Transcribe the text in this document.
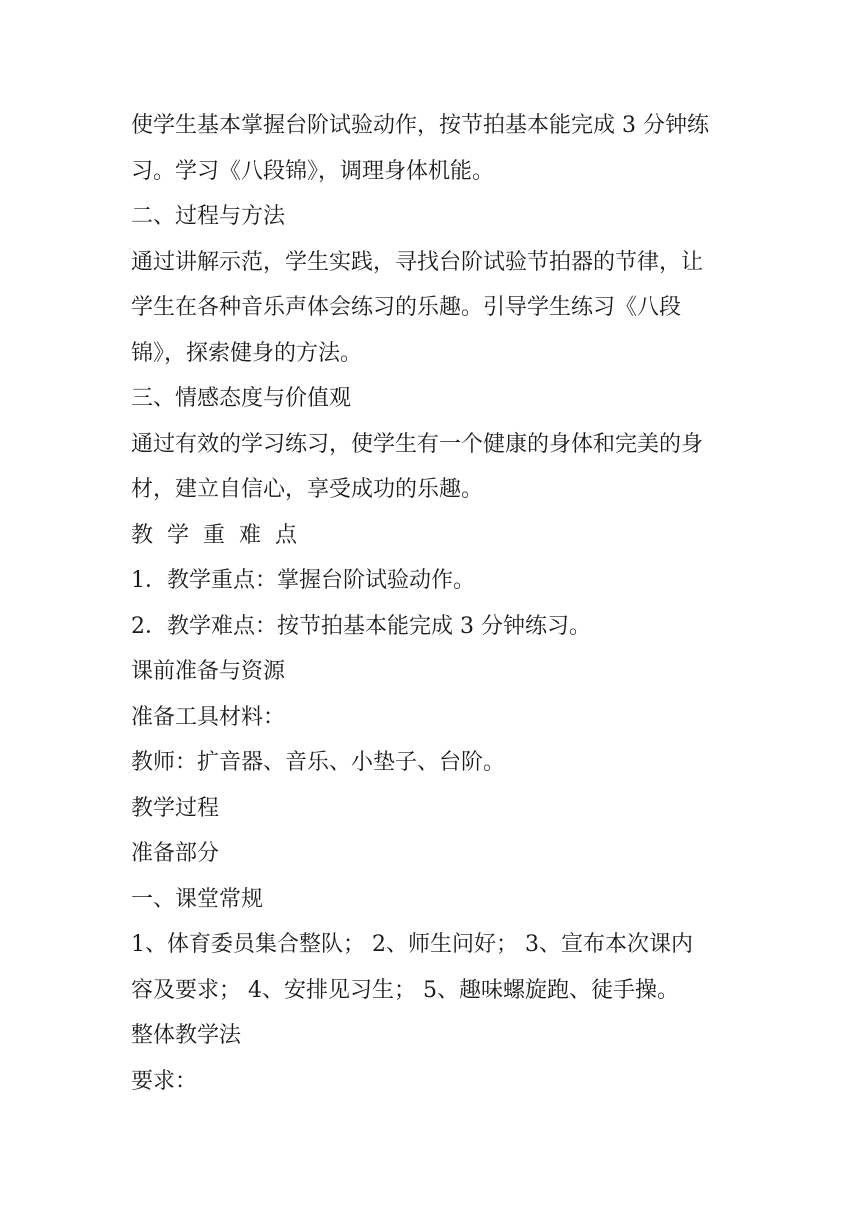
使学生基本掌握台阶试验动作，按节拍基本能完成 3 分钟练

习。学习《八段锦》，调理身体机能。

二、过程与方法

通过讲解示范，学生实践，寻找台阶试验节拍器的节律，让

学生在各种音乐声体会练习的乐趣。引导学生练习《八段

锦》，探索健身的方法。

三、情感态度与价值观

通过有效的学习练习，使学生有一个健康的身体和完美的身

材，建立自信心，享受成功的乐趣。

教学重难点

1．教学重点：掌握台阶试验动作。

2．教学难点：按节拍基本能完成 3 分钟练习。

课前准备与资源

准备工具材料：

教师：扩音器、音乐、小垫子、台阶。

教学过程

准备部分

一、课堂常规

1、体育委员集合整队； 2、师生问好； 3、宣布本次课内

容及要求； 4、安排见习生； 5、趣味螺旋跑、徒手操。

整体教学法

要求：
